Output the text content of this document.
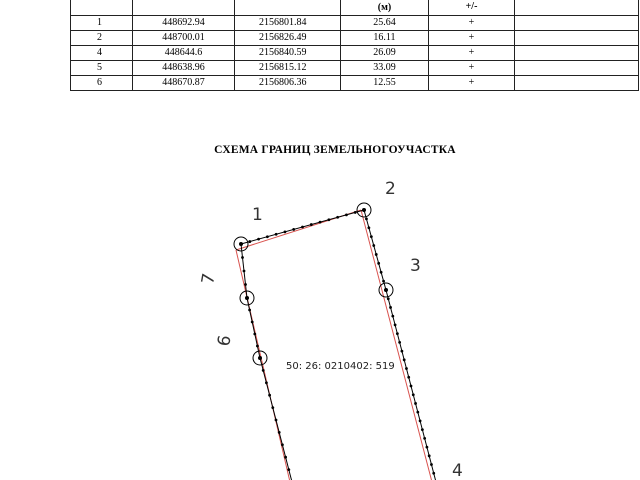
			(м)	+/-	

1	448692.94	2156801.84	25.64	+	
2	448700.01	2156826.49	16.11	+	
4	448644.6	2156840.59	26.09	+	
5	448638.96	2156815.12	33.09	+	
6	448670.87	2156806.36	12.55	+	
СХЕМА ГРАНИЦ ЗЕМЕЛЬНОГОУЧАСТКА
1
2
3
7
6
4
50: 26: 0210402: 519
